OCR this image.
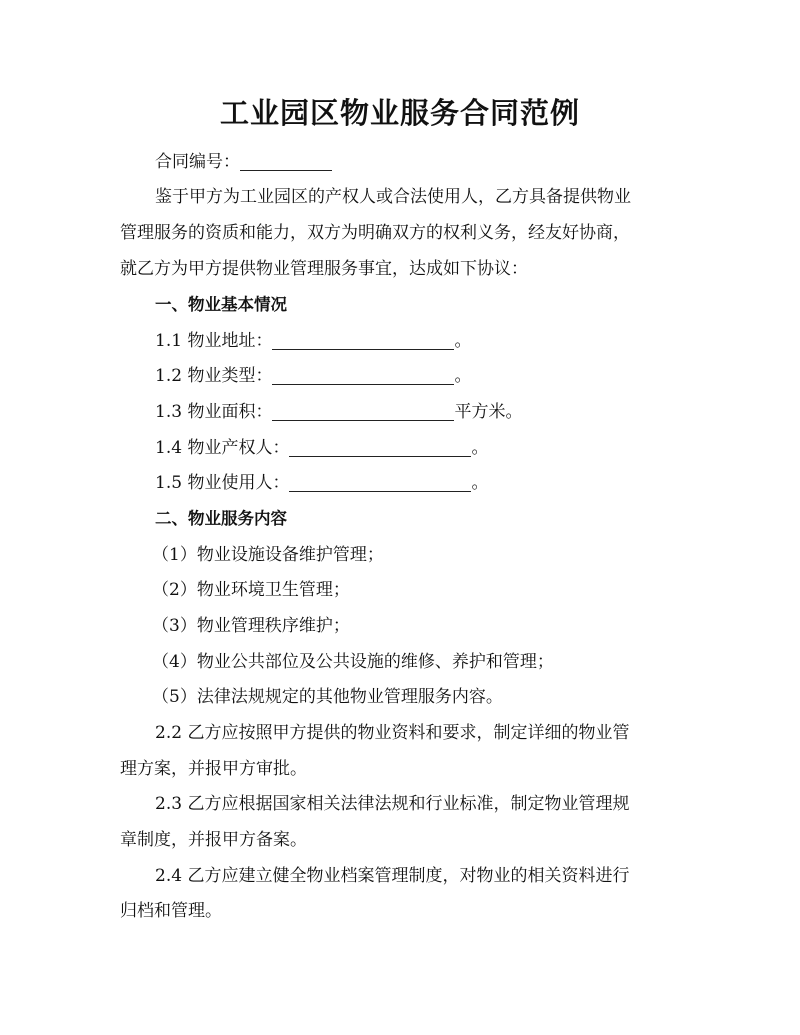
工业园区物业服务合同范例

合同编号：

鉴于甲方为工业园区的产权人或合法使用人，乙方具备提供物业

管理服务的资质和能力，双方为明确双方的权利义务，经友好协商，

就乙方为甲方提供物业管理服务事宜，达成如下协议：

一、物业基本情况

1.1 物业地址：	。

1.2 物业类型：	。

1.3 物业面积：	平方米。

1.4 物业产权人：	。

1.5 物业使用人：	。

二、物业服务内容

（1）物业设施设备维护管理；

（2）物业环境卫生管理；

（3）物业管理秩序维护；

（4）物业公共部位及公共设施的维修、养护和管理；

（5）法律法规规定的其他物业管理服务内容。

2.2 乙方应按照甲方提供的物业资料和要求，制定详细的物业管

理方案，并报甲方审批。

2.3 乙方应根据国家相关法律法规和行业标准，制定物业管理规

章制度，并报甲方备案。

2.4 乙方应建立健全物业档案管理制度，对物业的相关资料进行

归档和管理。
